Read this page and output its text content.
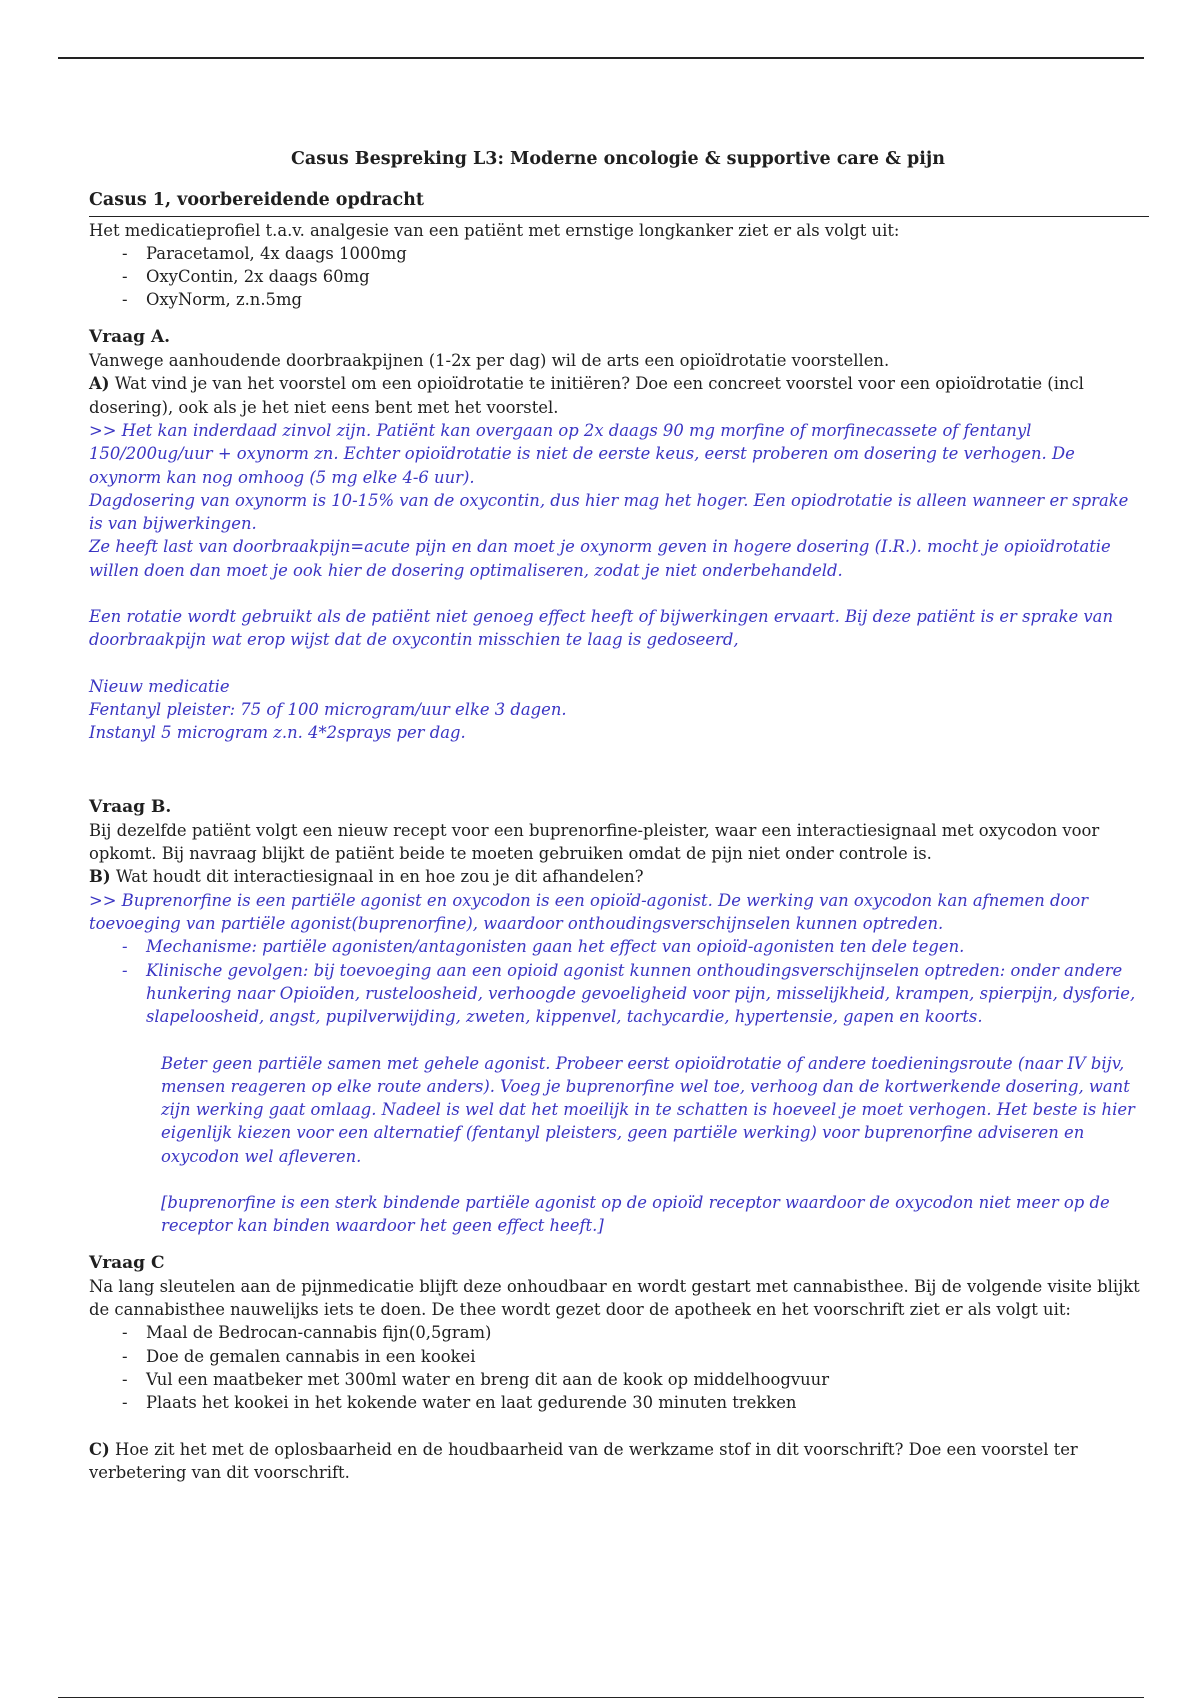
Casus Bespreking L3: Moderne oncologie & supportive care & pijn
Casus 1, voorbereidende opdracht

Het medicatieprofiel t.a.v. analgesie van een patiënt met ernstige longkanker ziet er als volgt uit:

- Paracetamol, 4x daags 1000mg
- OxyContin, 2x daags 60mg
- OxyNorm, z.n.5mg

Vraag A.

Vanwege aanhoudende doorbraakpijnen (1-2x per dag) wil de arts een opioïdrotatie voorstellen.

A) Wat vind je van het voorstel om een opioïdrotatie te initiëren? Doe een concreet voorstel voor een opioïdrotatie (incl dosering), ook als je het niet eens bent met het voorstel.

>> Het kan inderdaad zinvol zijn. Patiënt kan overgaan op 2x daags 90 mg morfine of morfinecassete of fentanyl 150/200ug/uur + oxynorm zn. Echter opioïdrotatie is niet de eerste keus, eerst proberen om dosering te verhogen. De oxynorm kan nog omhoog (5 mg elke 4-6 uur).

Dagdosering van oxynorm is 10-15% van de oxycontin, dus hier mag het hoger. Een opiodrotatie is alleen wanneer er sprake is van bijwerkingen.

Ze heeft last van doorbraakpijn=acute pijn en dan moet je oxynorm geven in hogere dosering (I.R.). mocht je opioïdrotatie willen doen dan moet je ook hier de dosering optimaliseren, zodat je niet onderbehandeld.

Een rotatie wordt gebruikt als de patiënt niet genoeg effect heeft of bijwerkingen ervaart. Bij deze patiënt is er sprake van doorbraakpijn wat erop wijst dat de oxycontin misschien te laag is gedoseerd,

Nieuw medicatie

Fentanyl pleister: 75 of 100 microgram/uur elke 3 dagen.

Instanyl 5 microgram z.n. 4*2sprays per dag.

Vraag B.

Bij dezelfde patiënt volgt een nieuw recept voor een buprenorfine-pleister, waar een interactiesignaal met oxycodon voor opkomt. Bij navraag blijkt de patiënt beide te moeten gebruiken omdat de pijn niet onder controle is.

B) Wat houdt dit interactiesignaal in en hoe zou je dit afhandelen?

>> Buprenorfine is een partiële agonist en oxycodon is een opioïd-agonist. De werking van oxycodon kan afnemen door toevoeging van partiële agonist(buprenorfine), waardoor onthoudingsverschijnselen kunnen optreden.

- Mechanisme: partiële agonisten/antagonisten gaan het effect van opioïd-agonisten ten dele tegen.
- Klinische gevolgen: bij toevoeging aan een opioid agonist kunnen onthoudingsverschijnselen optreden: onder andere hunkering naar Opioïden, rusteloosheid, verhoogde gevoeligheid voor pijn, misselijkheid, krampen, spierpijn, dysforie, slapeloosheid, angst, pupilverwijding, zweten, kippenvel, tachycardie, hypertensie, gapen en koorts.

Beter geen partiële samen met gehele agonist. Probeer eerst opioïdrotatie of andere toedieningsroute (naar IV bijv, mensen reageren op elke route anders). Voeg je buprenorfine wel toe, verhoog dan de kortwerkende dosering, want zijn werking gaat omlaag. Nadeel is wel dat het moeilijk in te schatten is hoeveel je moet verhogen. Het beste is hier eigenlijk kiezen voor een alternatief (fentanyl pleisters, geen partiële werking) voor buprenorfine adviseren en oxycodon wel afleveren.

[buprenorfine is een sterk bindende partiële agonist op de opioïd receptor waardoor de oxycodon niet meer op de receptor kan binden waardoor het geen effect heeft.]

Vraag C

Na lang sleutelen aan de pijnmedicatie blijft deze onhoudbaar en wordt gestart met cannabisthee. Bij de volgende visite blijkt de cannabisthee nauwelijks iets te doen. De thee wordt gezet door de apotheek en het voorschrift ziet er als volgt uit:

- Maal de Bedrocan-cannabis fijn(0,5gram)
- Doe de gemalen cannabis in een kookei
- Vul een maatbeker met 300ml water en breng dit aan de kook op middelhoogvuur
- Plaats het kookei in het kokende water en laat gedurende 30 minuten trekken

C) Hoe zit het met de oplosbaarheid en de houdbaarheid van de werkzame stof in dit voorschrift? Doe een voorstel ter verbetering van dit voorschrift.
